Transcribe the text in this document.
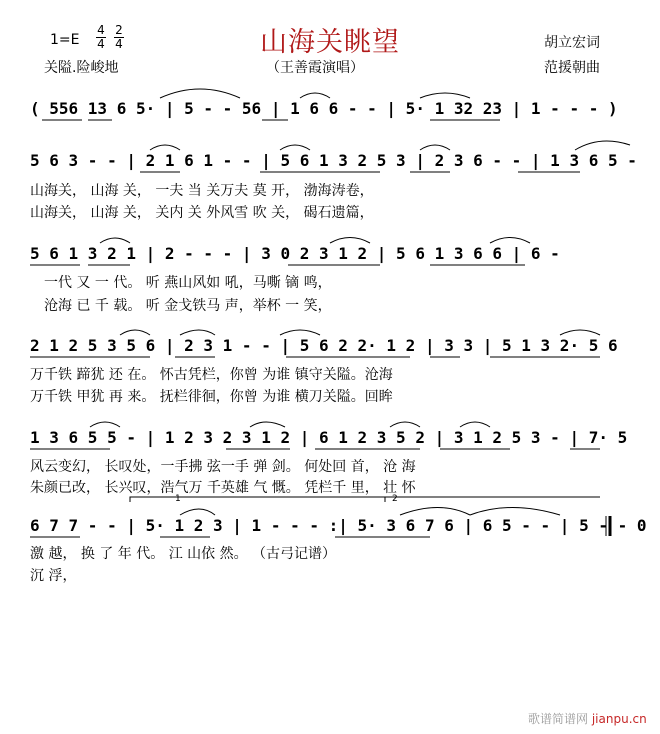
1=E
4
4
2
4	山海关眺望
关隘.险峻地	（王善霞演唱）
胡立宏词
范援朝曲
( 556 13 6 5· | 5 - - 56 | 1 6 6 - - | 5· 1 32 23 | 1 - - - )
5 6 3 - - | 2 1 6 1 - - | 5 6 1 3 2 5 3 | 2 3 6 - - | 1 3 6 5 -
山海关， 山海 关， 一夫 当 关万夫 莫 开， 渤海涛卷，
山海关， 山海 关， 关内 关 外风雪 吹 关， 碣石遗篇，
5 6 1 3 2 1 | 2 - - - | 3 0 2 3 1 2 | 5 6 1 3 6 6 | 6 -
一代 又 一 代。 听 燕山风如 吼，马嘶 镝 鸣，
沧海 已 千 载。 听 金戈铁马 声，举杯 一 笑，
2 1 2 5 3 5 6 | 2 3 1 - - | 5 6 2 2· 1 2 | 3 3 | 5 1 3 2· 5 6
万千铁 蹄犹 还 在。 怀古凭栏，你曾 为谁 镇守关隘。沧海
万千铁 甲犹 再 来。 抚栏徘徊，你曾 为谁 横刀关隘。回眸
1 3 6 5 5 - | 1 2 3 2 3 1 2 | 6 1 2 3 5 2 | 3 1 2 5 3 - | 7· 5
风云变幻， 长叹处，一手拂 弦一手 弹 剑。 何处回 首， 沧 海
朱颜已改， 长兴叹，浩气万 千英雄 气 慨。 凭栏千 里， 壮 怀
6 7 7 - - | 5· 1 2 3 | 1 - - - :| 5· 3 6 7 6 | 6 5 - - | 5 - - 0
激 越， 换 了 年 代。 江 山依 然。 （古弓记谱）
沉 浮，
1	2
歌谱简谱网 jianpu.cn
